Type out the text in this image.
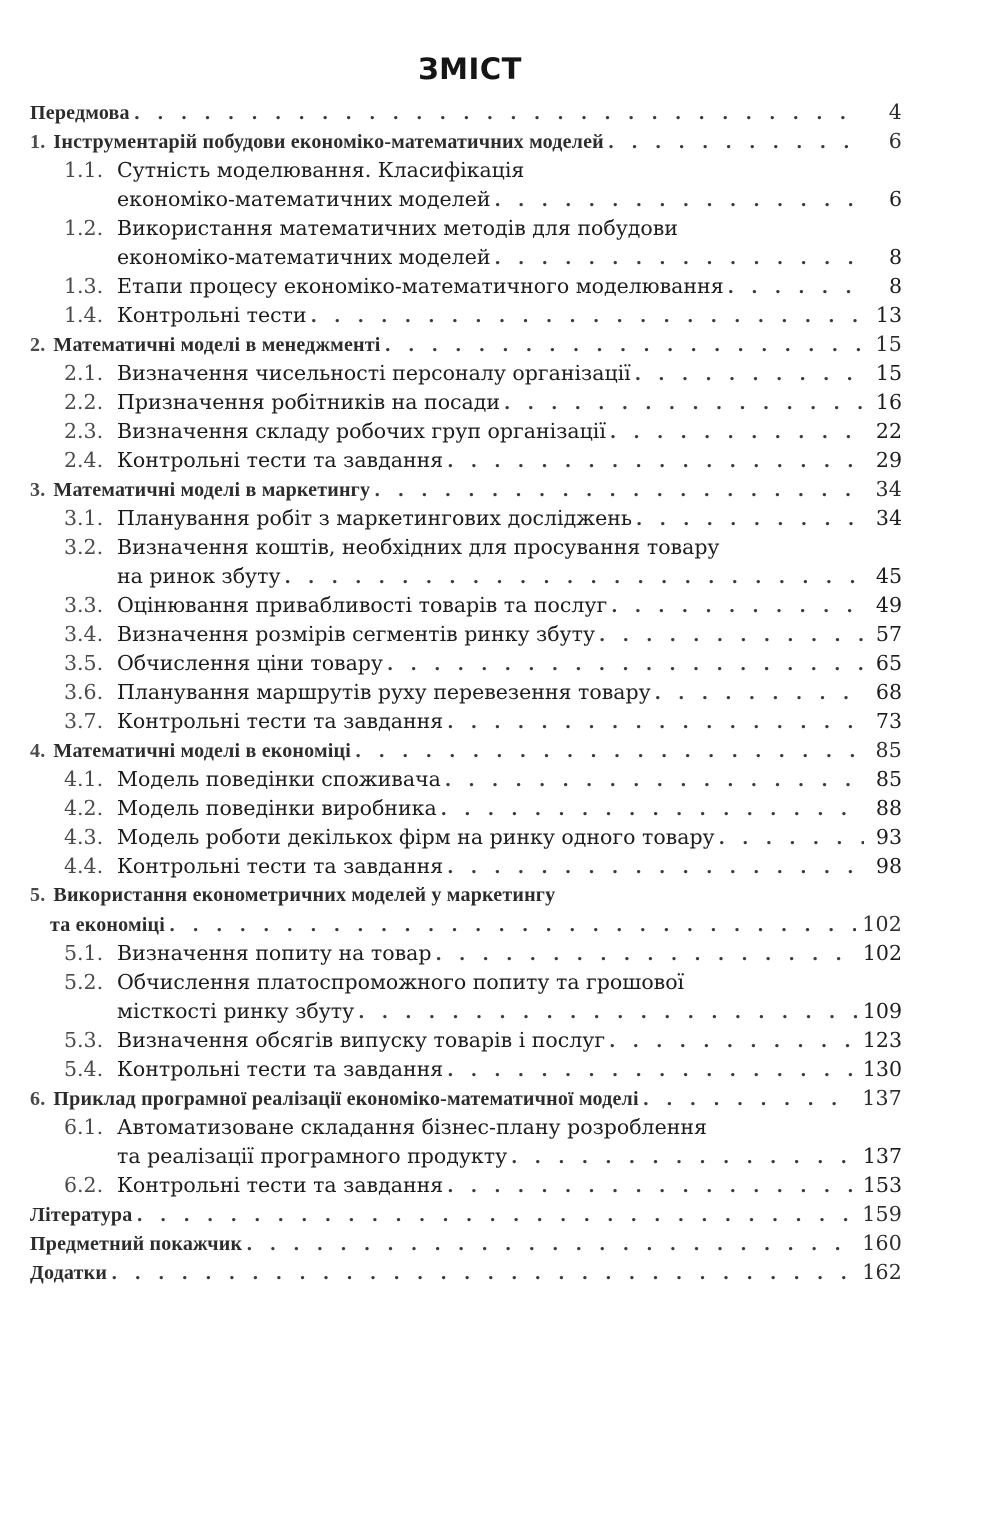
ЗМІСТ
Передмова . . .	4
1. Інструментарій побудови економіко-математичних моделей . . .	6
1.1. Сутність моделювання. Класифікація
економіко-математичних моделей . . .	6
1.2. Використання математичних методів для побудови
економіко-математичних моделей . . .	8
1.3. Етапи процесу економіко-математичного моделювання . . .	8
1.4. Контрольні тести . . .	13
2. Математичні моделі в менеджменті . . .	15
2.1. Визначення чисельності персоналу організації . . .	15
2.2. Призначення робітників на посади . . .	16
2.3. Визначення складу робочих груп організації . . .	22
2.4. Контрольні тести та завдання . . .	29
3. Математичні моделі в маркетингу . . .	34
3.1. Планування робіт з маркетингових досліджень . . .	34
3.2. Визначення коштів, необхідних для просування товару
на ринок збуту . . .	45
3.3. Оцінювання привабливості товарів та послуг . . .	49
3.4. Визначення розмірів сегментів ринку збуту . . .	57
3.5. Обчислення ціни товару . . .	65
3.6. Планування маршрутів руху перевезення товару . . .	68
3.7. Контрольні тести та завдання . . .	73
4. Математичні моделі в економіці . . .	85
4.1. Модель поведінки споживача . . .	85
4.2. Модель поведінки виробника . . .	88
4.3. Модель роботи декількох фірм на ринку одного товару . . .	93
4.4. Контрольні тести та завдання . . .	98
5. Використання економетричних моделей у маркетингу
та економіці . . .	102
5.1. Визначення попиту на товар . . .	102
5.2. Обчислення платоспроможного попиту та грошової
місткості ринку збуту . . .	109
5.3. Визначення обсягів випуску товарів і послуг . . .	123
5.4. Контрольні тести та завдання . . .	130
6. Приклад програмної реалізації економіко-математичної моделі . . .	137
6.1. Автоматизоване складання бізнес-плану розроблення
та реалізації програмного продукту . . .	137
6.2. Контрольні тести та завдання . . .	153
Література . . .	159
Предметний покажчик . . .	160
Додатки . . .	162
